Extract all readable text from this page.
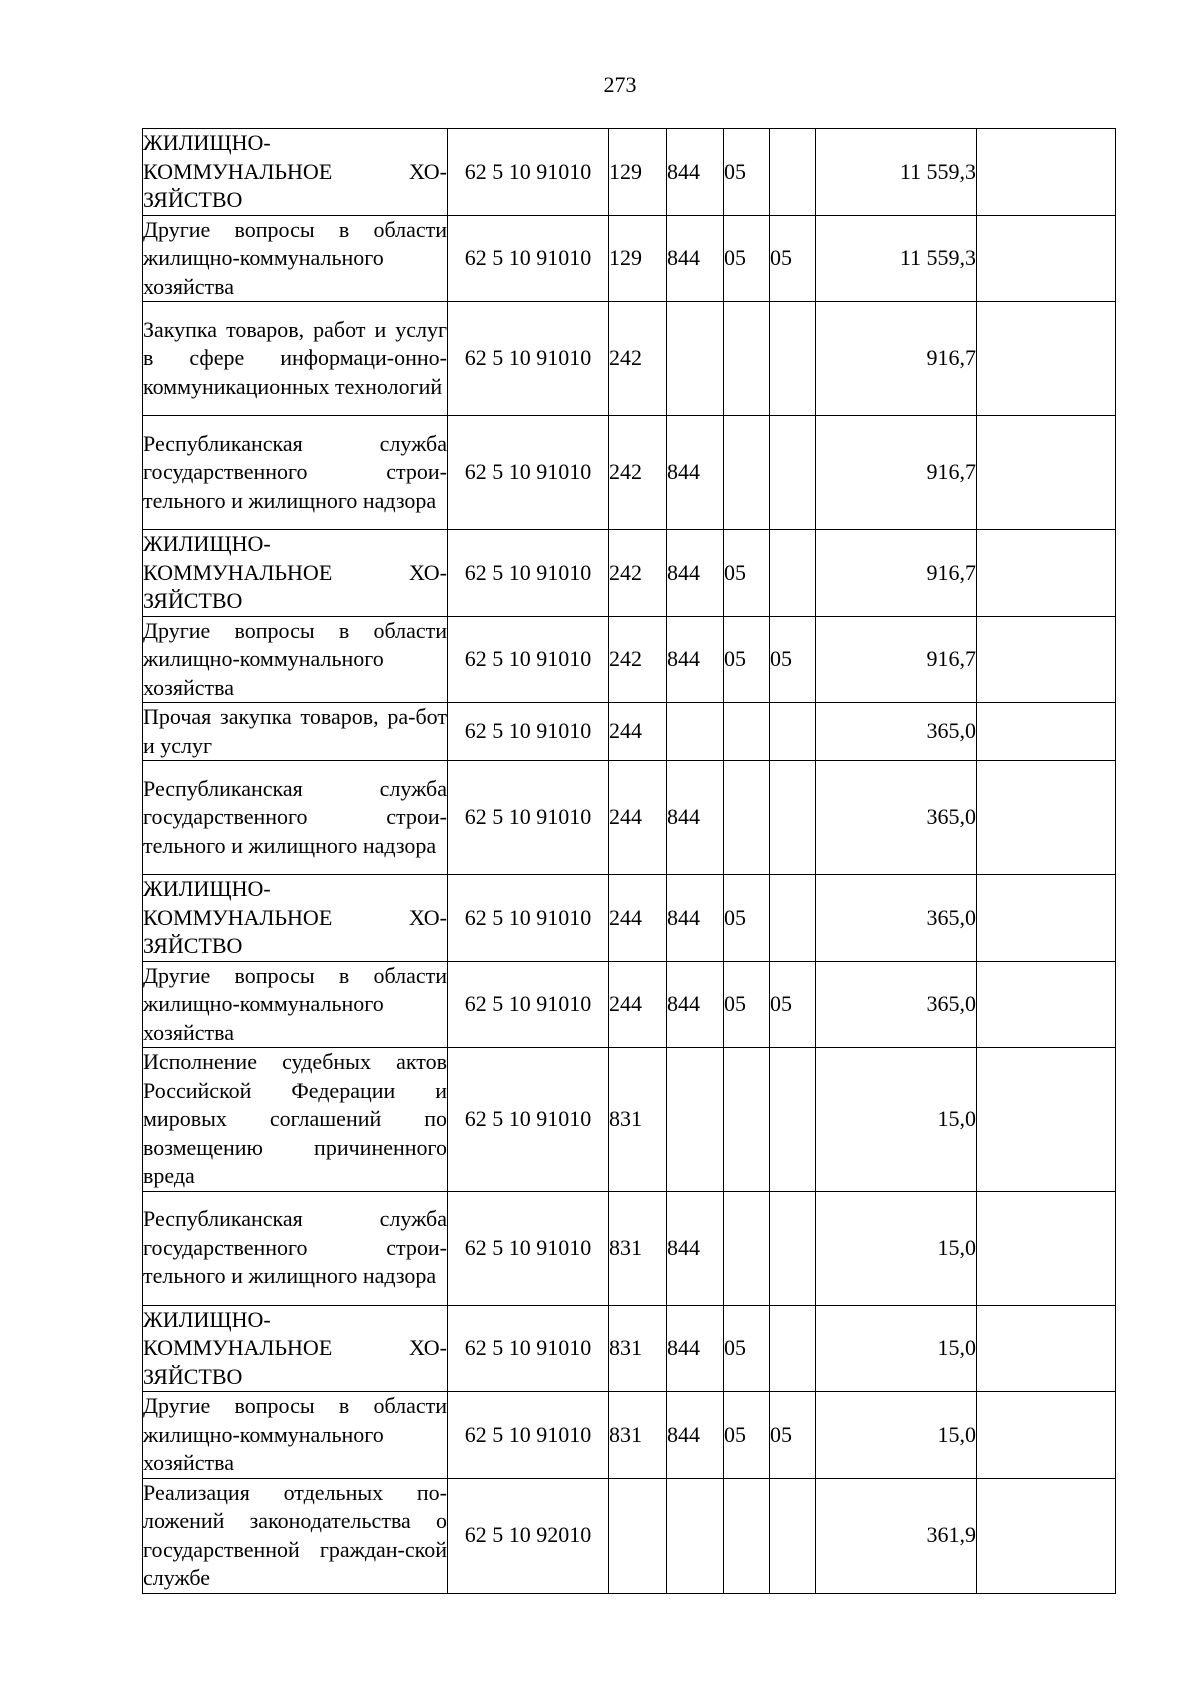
273
ЖИЛИЩНО-КОММУНАЛЬНОЕ ХО-ЗЯЙСТВО	62 5 10 91010	129	844	05		11 559,3	
Другие вопросы в области жилищно-коммунального хозяйства	62 5 10 91010	129	844	05	05	11 559,3	
Закупка товаров, работ и услуг в сфере информаци-онно-коммуникационных технологий	62 5 10 91010	242				916,7	
Республиканская служба государственного строи-тельного и жилищного надзора	62 5 10 91010	242	844			916,7	
ЖИЛИЩНО-КОММУНАЛЬНОЕ ХО-ЗЯЙСТВО	62 5 10 91010	242	844	05		916,7	
Другие вопросы в области жилищно-коммунального хозяйства	62 5 10 91010	242	844	05	05	916,7	
Прочая закупка товаров, ра-бот и услуг	62 5 10 91010	244				365,0	
Республиканская служба государственного строи-тельного и жилищного надзора	62 5 10 91010	244	844			365,0	
ЖИЛИЩНО-КОММУНАЛЬНОЕ ХО-ЗЯЙСТВО	62 5 10 91010	244	844	05		365,0	
Другие вопросы в области жилищно-коммунального хозяйства	62 5 10 91010	244	844	05	05	365,0	
Исполнение судебных актов Российской Федерации и мировых соглашений по возмещению причиненного вреда	62 5 10 91010	831				15,0	
Республиканская служба государственного строи-тельного и жилищного надзора	62 5 10 91010	831	844			15,0	
ЖИЛИЩНО-КОММУНАЛЬНОЕ ХО-ЗЯЙСТВО	62 5 10 91010	831	844	05		15,0	
Другие вопросы в области жилищно-коммунального хозяйства	62 5 10 91010	831	844	05	05	15,0	
Реализация отдельных по-ложений законодательства о государственной граждан-ской службе	62 5 10 92010					361,9	
